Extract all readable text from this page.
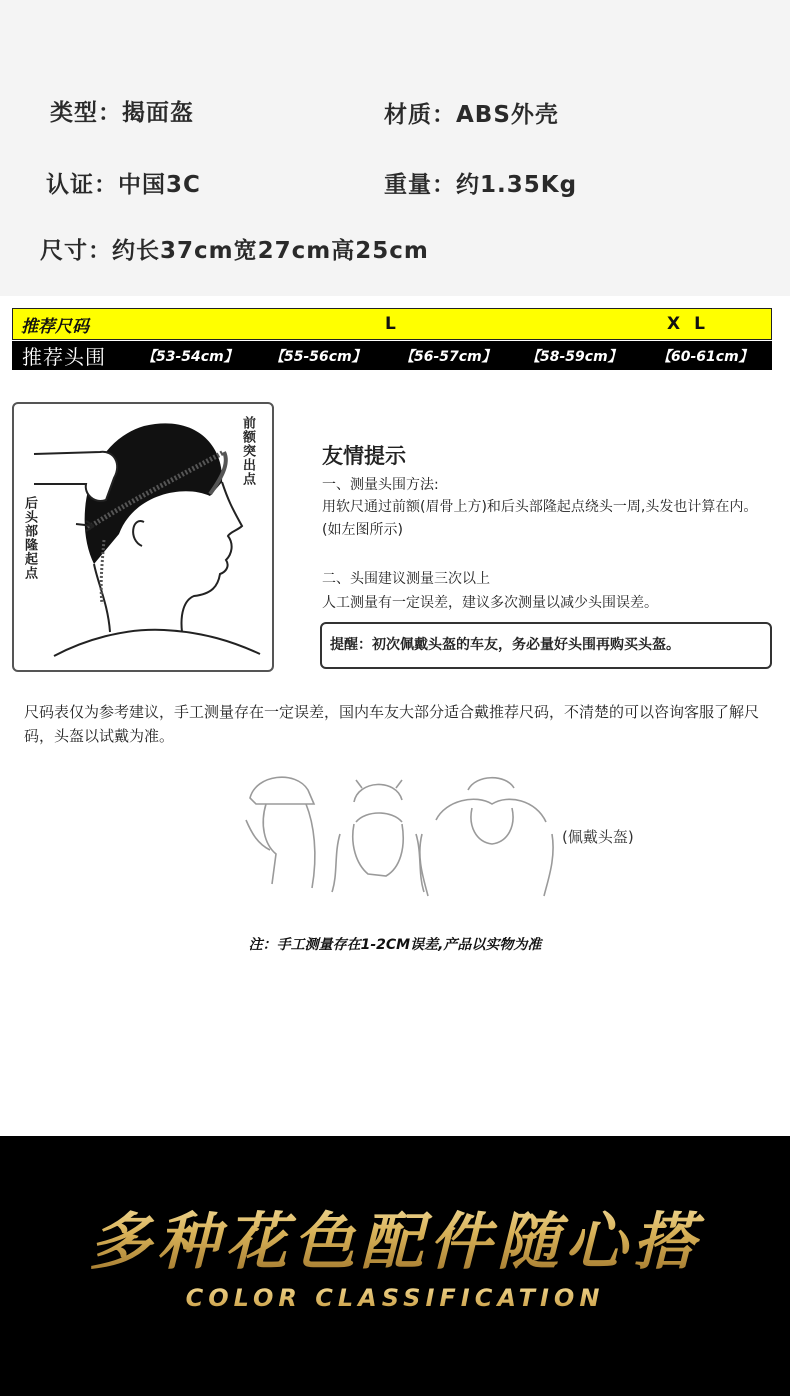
类型：揭面盔	材质：ABS外壳
认证：中国3C	重量：约1.35Kg
尺寸：约长37cm宽27cm高25cm
推荐尺码	L	XL
推荐头围	【53-54cm】 【55-56cm】 【56-57cm】 【58-59cm】	【60-61cm】
前额突出点
后头部隆起点
友情提示
一、测量头围方法:
用软尺通过前额(眉骨上方)和后头部隆起点绕头一周,头发也计算在内。(如左图所示)
二、头围建议测量三次以上
人工测量有一定误差，建议多次测量以减少头围误差。
提醒：初次佩戴头盔的车友，务必量好头围再购买头盔。
尺码表仅为参考建议，手工测量存在一定误差，国内车友大部分适合戴推荐尺码，不清楚的可以咨询客服了解尺码，头盔以试戴为准。
(佩戴头盔)
注：手工测量存在1-2CM误差,产品以实物为准
多种花色配件随心搭
COLOR CLASSIFICATION
